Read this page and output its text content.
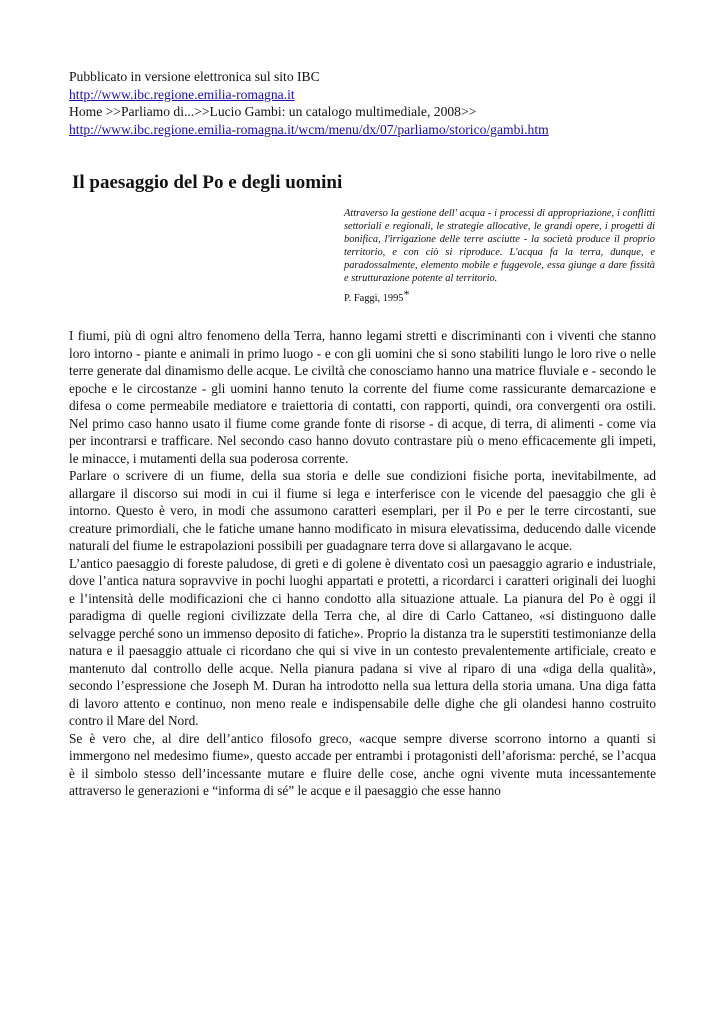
Pubblicato in versione elettronica sul sito IBC
http://www.ibc.regione.emilia-romagna.it
Home >>Parliamo di...>>Lucio Gambi: un catalogo multimediale, 2008>>
http://www.ibc.regione.emilia-romagna.it/wcm/menu/dx/07/parliamo/storico/gambi.htm
Il paesaggio del Po e degli uomini
Attraverso la gestione dell' acqua - i processi di appropriazione, i conflitti settoriali e regionali, le strategie allocative, le grandi opere, i progetti di bonifica, l'irrigazione delle terre asciutte - la società produce il proprio territorio, e con ciò si riproduce. L'acqua fa la terra, dunque, e paradossalmente, elemento mobile e fuggevole, essa giunge a dare fissità e strutturazione potente al territorio.
P. Faggi, 1995*

I fiumi, più di ogni altro fenomeno della Terra, hanno legami stretti e discriminanti con i viventi che stanno loro intorno - piante e animali in primo luogo - e con gli uomini che si sono stabiliti lungo le loro rive o nelle terre generate dal dinamismo delle acque. Le civiltà che conosciamo hanno una matrice fluviale e - secondo le epoche e le circostanze - gli uomini hanno tenuto la corrente del fiume come rassicurante demarcazione e difesa o come permeabile mediatore e traiettoria di contatti, con rapporti, quindi, ora convergenti ora ostili. Nel primo caso hanno usato il fiume come grande fonte di risorse - di acque, di terra, di alimenti - come via per incontrarsi e trafficare. Nel secondo caso hanno dovuto contrastare più o meno efficacemente gli impeti, le minacce, i mutamenti della sua poderosa corrente.

Parlare o scrivere di un fiume, della sua storia e delle sue condizioni fisiche porta, inevitabilmente, ad allargare il discorso sui modi in cui il fiume si lega e interferisce con le vicende del paesaggio che gli è intorno. Questo è vero, in modi che assumono caratteri esemplari, per il Po e per le terre circostanti, sue creature primordiali, che le fatiche umane hanno modificato in misura elevatissima, deducendo dalle vicende naturali del fiume le estrapolazioni possibili per guadagnare terra dove si allargavano le acque.

L’antico paesaggio di foreste paludose, di greti e di golene è diventato così un paesaggio agrario e industriale, dove l’antica natura sopravvive in pochi luoghi appartati e protetti, a ricordarci i caratteri originali dei luoghi e l’intensità delle modificazioni che ci hanno condotto alla situazione attuale. La pianura del Po è oggi il paradigma di quelle regioni civilizzate della Terra che, al dire di Carlo Cattaneo, «si distinguono dalle selvagge perché sono un immenso deposito di fatiche». Proprio la distanza tra le superstiti testimonianze della natura e il paesaggio attuale ci ricordano che qui si vive in un contesto prevalentemente artificiale, creato e mantenuto dal controllo delle acque. Nella pianura padana si vive al riparo di una «diga della qualità», secondo l’espressione che Joseph M. Duran ha introdotto nella sua lettura della storia umana. Una diga fatta di lavoro attento e continuo, non meno reale e indispensabile delle dighe che gli olandesi hanno costruito contro il Mare del Nord.

Se è vero che, al dire dell’antico filosofo greco, «acque sempre diverse scorrono intorno a quanti si immergono nel medesimo fiume», questo accade per entrambi i protagonisti dell’aforisma: perché, se l’acqua è il simbolo stesso dell’incessante mutare e fluire delle cose, anche ogni vivente muta incessantemente attraverso le generazioni e “informa di sé” le acque e il paesaggio che esse hanno
